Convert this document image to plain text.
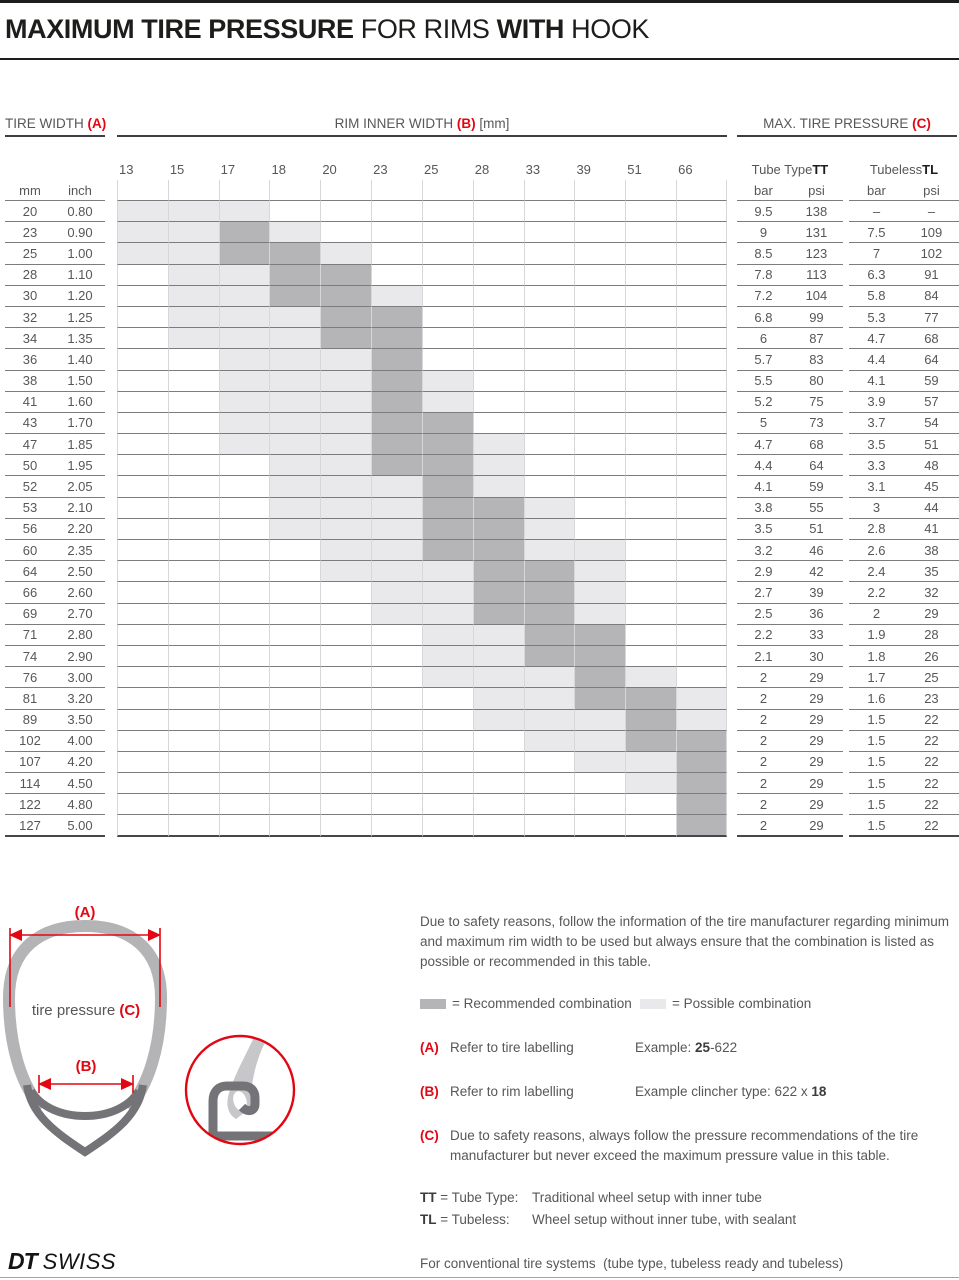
MAXIMUM TIRE PRESSURE FOR RIMS WITH HOOK
TIRE WIDTH (A)	RIM INNER WIDTH (B) [mm]	MAX. TIRE PRESSURE (C)
13	15	17	18	20	23	25	28	33	39	51	66	Tube Type TT	Tubeless TL
mm	inch	bar	psi	bar	psi
20	0.80	9.5	138	–	–
23	0.90	9	131	7.5	109
25	1.00	8.5	123	7	102
28	1.10	7.8	113	6.3	91
30	1.20	7.2	104	5.8	84
32	1.25	6.8	99	5.3	77
34	1.35	6	87	4.7	68
36	1.40	5.7	83	4.4	64
38	1.50	5.5	80	4.1	59
41	1.60	5.2	75	3.9	57
43	1.70	5	73	3.7	54
47	1.85	4.7	68	3.5	51
50	1.95	4.4	64	3.3	48
52	2.05	4.1	59	3.1	45
53	2.10	3.8	55	3	44
56	2.20	3.5	51	2.8	41
60	2.35	3.2	46	2.6	38
64	2.50	2.9	42	2.4	35
66	2.60	2.7	39	2.2	32
69	2.70	2.5	36	2	29
71	2.80	2.2	33	1.9	28
74	2.90	2.1	30	1.8	26
76	3.00	2	29	1.7	25
81	3.20	2	29	1.6	23
89	3.50	2	29	1.5	22
102	4.00	2	29	1.5	22
107	4.20	2	29	1.5	22
114	4.50	2	29	1.5	22
122	4.80	2	29	1.5	22
127	5.00	2	29	1.5	22
(A)
tire pressure (C)
(B)
Due to safety reasons, follow the information of the tire manufacturer regarding minimum and maximum rim width to be used but always ensure that the combination is listed as possible or recommended in this table.
= Recommended combination	= Possible combination
(A) Refer to tire labelling	Example: 25-622
(B) Refer to rim labelling	Example clincher type: 622 x 18
(C) Due to safety reasons, always follow the pressure recommendations of the tire manufacturer but never exceed the maximum pressure value in this table.
TT = Tube Type:	Traditional wheel setup with inner tube
TL = Tubeless:	Wheel setup without inner tube, with sealant
For conventional tire systems  (tube type, tubeless ready and tubeless)
DT SWISS
